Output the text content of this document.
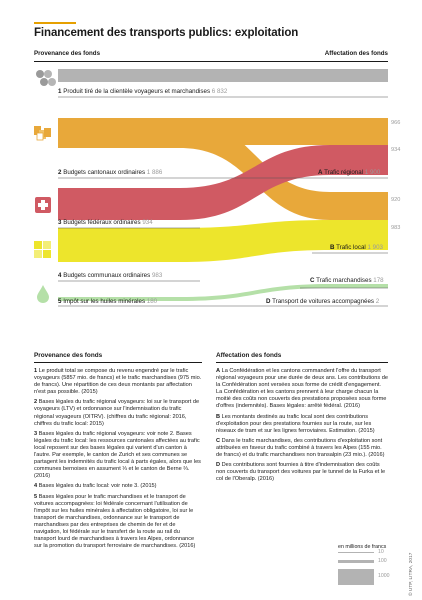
Financement des transports publics: exploitation
Provenance des fonds	Affectation des fonds
1 Produit tiré de la clientèle voyageurs et marchandises 6 832
2 Budgets cantonaux ordinaires 1 886
3 Budgets fédéraux ordinaires 934
4 Budgets communaux ordinaires 983
5 Impôt sur les huiles minérales 180
A Trafic régional 1 900
B Trafic local 1 903
C Trafic marchandises 178
D Transport de voitures accompagnées 2
966
934
920
983
Provenance des fonds	Affectation des fonds
1 Le produit total se compose du revenu engendré par le trafic voyageurs (5857 mio. de francs) et le trafic marchandises (975 mio. de francs). Une répartition de ces deux montants par affectation n'est pas possible. (2015)
2 Bases légales du trafic régional voyageurs: loi sur le transport de voyageurs (LTV) et ordonnance sur l'indemnisation du trafic régional voyageurs (OITRV). (chiffres du trafic régional: 2016, chiffres du trafic local: 2015)
3 Bases légales du trafic régional voyageurs: voir note 2. Bases légales du trafic local: les ressources cantonales affectées au trafic local reposent sur des bases légales qui varient d'un canton à l'autre. Par exemple, le canton de Zurich et ses communes se partagent les indemnités du trafic local à parts égales, alors que les communes bernoises en assument ⅓ et le canton de Berne ⅔. (2016)
4 Bases légales du trafic local: voir note 3. (2015)
5 Bases légales pour le trafic marchandises et le transport de voitures accompagnées: loi fédérale concernant l'utilisation de l'impôt sur les huiles minérales à affectation obligatoire, loi sur le transport de marchandises, ordonnance sur le transport de marchandises par des entreprises de chemin de fer et de navigation, loi fédérale sur le transfert de la route au rail du transport lourd de marchandises à travers les Alpes, ordonnance sur la promotion du transport ferroviaire de marchandises. (2016)
A La Confédération et les cantons commandent l'offre du transport régional voyageurs pour une durée de deux ans. Les contributions de la Confédération sont versées sous forme de crédit d'engagement. La Confédération et les cantons prennent à leur charge chacun la moitié des coûts non couverts des prestations proposées sous forme d'offres (indemnités). Bases légales: arrêté fédéral. (2016)
B Les montants destinés au trafic local sont des contributions d'exploitation pour des prestations fournies sur la route, sur les réseaux de tram et sur les lignes ferroviaires. Estimation. (2015)
C Dans le trafic marchandises, des contributions d'exploitation sont attribuées en faveur du trafic combiné à travers les Alpes (155 mio. de francs) et du trafic marchandises non transalpin (23 mio.). (2016)
D Des contributions sont fournies à titre d'indemnisation des coûts non couverts du transport des voitures par le tunnel de la Furka et le col de l'Oberalp. (2016)
en millions de francs
10
100
1000	© UTP, LITRA, 2017
